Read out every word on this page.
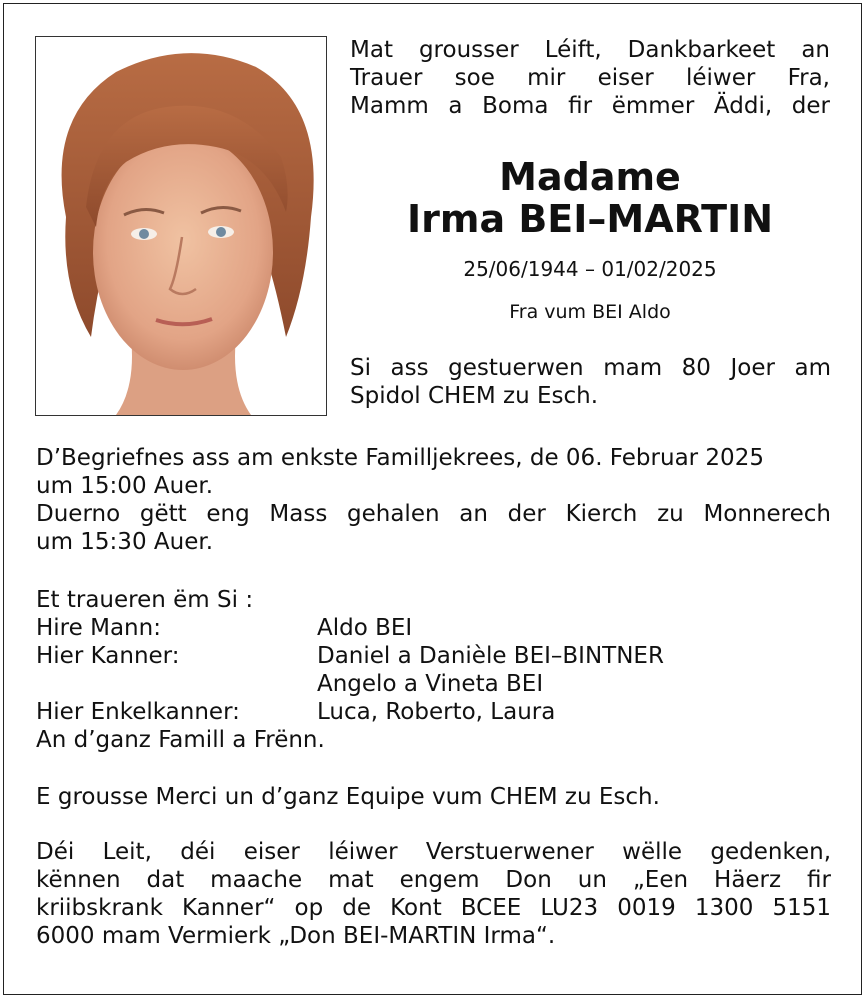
Mat grousser Léift, Dankbarkeet an
Trauer soe mir eiser léiwer Fra,
Mamm a Boma fir ëmmer Äddi, der
Madame
Irma BEI–MARTIN
25/06/1944 – 01/02/2025
Fra vum BEI Aldo
Si ass gestuerwen mam 80 Joer am
Spidol CHEM zu Esch.
D’Begriefnes ass am enkste Familljekrees, de 06. Februar 2025
um 15:00 Auer.
Duerno gëtt eng Mass gehalen an der Kierch zu Monnerech
um 15:30 Auer.
Et traueren ëm Si :
Hire Mann:	Aldo BEI
Hier Kanner:	Daniel a Danièle BEI–BINTNER
Angelo a Vineta BEI
Hier Enkelkanner:	Luca, Roberto, Laura
An d’ganz Famill a Frënn.
E grousse Merci un d’ganz Equipe vum CHEM zu Esch.
Déi Leit, déi eiser léiwer Verstuerwener wëlle gedenken,
kënnen dat maache mat engem Don un „Een Häerz fir
kriibskrank Kanner“ op de Kont BCEE LU23 0019 1300 5151
6000 mam Vermierk „Don BEI-MARTIN Irma“.
